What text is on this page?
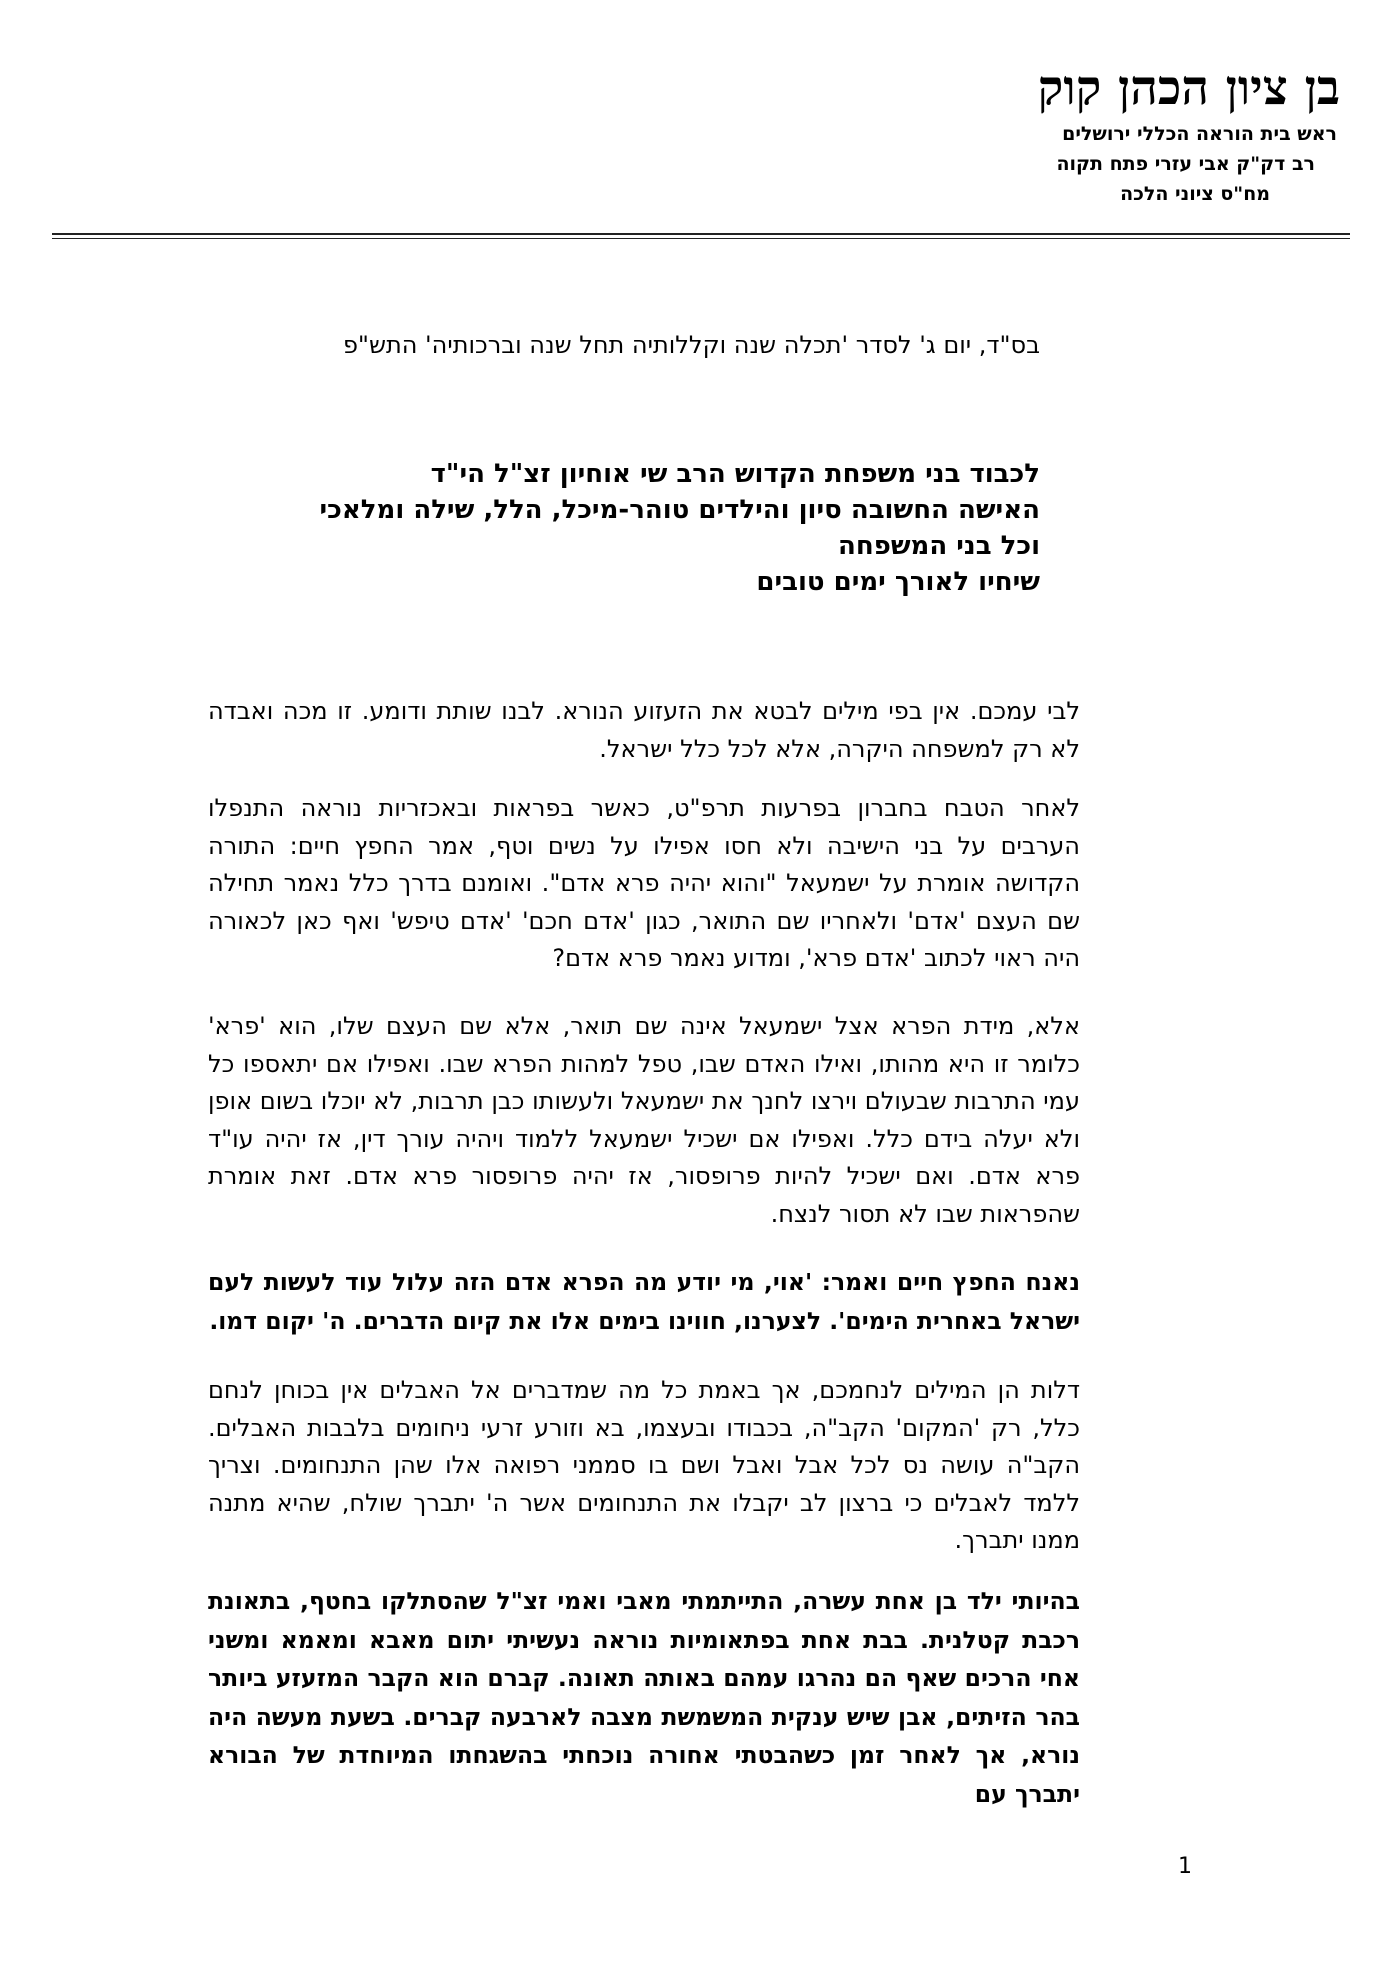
בן ציון הכהן קוק
ראש בית הוראה הכללי ירושלים
רב דק"ק אבי עזרי פתח תקוה
מח"ס ציוני הלכה
בס"ד, יום ג' לסדר 'תכלה שנה וקללותיה תחל שנה וברכותיה' התש"פ
לכבוד בני משפחת הקדוש הרב שי אוחיון זצ"ל הי"ד
האישה החשובה סיון והילדים טוהר-מיכל, הלל, שילה ומלאכי
וכל בני המשפחה
שיחיו לאורך ימים טובים
לבי עמכם. אין בפי מילים לבטא את הזעזוע הנורא. לבנו שותת ודומע. זו מכה ואבדה לא רק למשפחה היקרה, אלא לכל כלל ישראל.
לאחר הטבח בחברון בפרעות תרפ"ט, כאשר בפראות ובאכזריות נוראה התנפלו הערבים על בני הישיבה ולא חסו אפילו על נשים וטף, אמר החפץ חיים: התורה הקדושה אומרת על ישמעאל "והוא יהיה פרא אדם". ואומנם בדרך כלל נאמר תחילה שם העצם 'אדם' ולאחריו שם התואר, כגון 'אדם חכם' 'אדם טיפש' ואף כאן לכאורה היה ראוי לכתוב 'אדם פרא', ומדוע נאמר פרא אדם?
אלא, מידת הפרא אצל ישמעאל אינה שם תואר, אלא שם העצם שלו, הוא 'פרא' כלומר זו היא מהותו, ואילו האדם שבו, טפל למהות הפרא שבו. ואפילו אם יתאספו כל עמי התרבות שבעולם וירצו לחנך את ישמעאל ולעשותו כבן תרבות, לא יוכלו בשום אופן ולא יעלה בידם כלל. ואפילו אם ישכיל ישמעאל ללמוד ויהיה עורך דין, אז יהיה עו"ד פרא אדם. ואם ישכיל להיות פרופסור, אז יהיה פרופסור פרא אדם. זאת אומרת שהפראות שבו לא תסור לנצח.
נאנח החפץ חיים ואמר: 'אוי, מי יודע מה הפרא אדם הזה עלול עוד לעשות לעם ישראל באחרית הימים'. לצערנו, חווינו בימים אלו את קיום הדברים. ה' יקום דמו.
דלות הן המילים לנחמכם, אך באמת כל מה שמדברים אל האבלים אין בכוחן לנחם כלל, רק 'המקום' הקב"ה, בכבודו ובעצמו, בא וזורע זרעי ניחומים בלבבות האבלים. הקב"ה עושה נס לכל אבל ואבל ושם בו סממני רפואה אלו שהן התנחומים. וצריך ללמד לאבלים כי ברצון לב יקבלו את התנחומים אשר ה' יתברך שולח, שהיא מתנה ממנו יתברך.
בהיותי ילד בן אחת עשרה, התייתמתי מאבי ואמי זצ"ל שהסתלקו בחטף, בתאונת רכבת קטלנית. בבת אחת בפתאומיות נוראה נעשיתי יתום מאבא ומאמא ומשני אחי הרכים שאף הם נהרגו עמהם באותה תאונה. קברם הוא הקבר המזעזע ביותר בהר הזיתים, אבן שיש ענקית המשמשת מצבה לארבעה קברים. בשעת מעשה היה נורא, אך לאחר זמן כשהבטתי אחורה נוכחתי בהשגחתו המיוחדת של הבורא יתברך עם
1
